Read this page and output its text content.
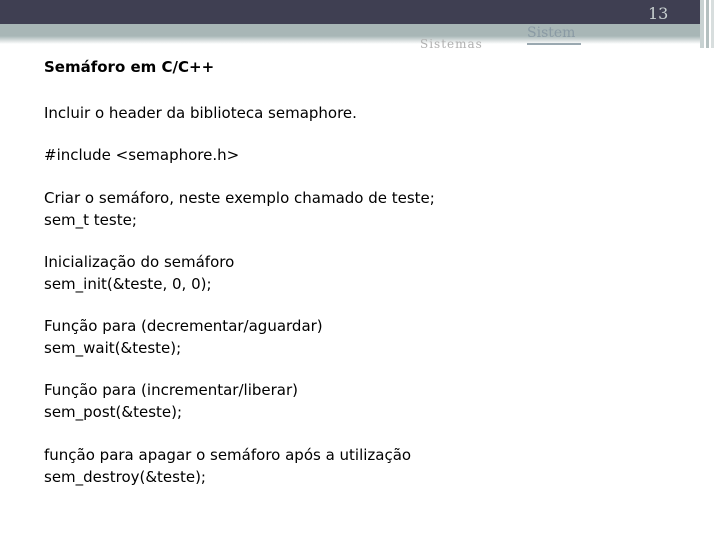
13
Sistemas
Sistem
Semáforo em C/C++
Incluir o header da biblioteca semaphore.
#include <semaphore.h>
Criar o semáforo, neste exemplo chamado de teste;
sem_t teste;
Inicialização do semáforo
sem_init(&teste, 0, 0);
Função para (decrementar/aguardar)
sem_wait(&teste);
Função para (incrementar/liberar)
sem_post(&teste);
função para apagar o semáforo após a utilização
sem_destroy(&teste);
